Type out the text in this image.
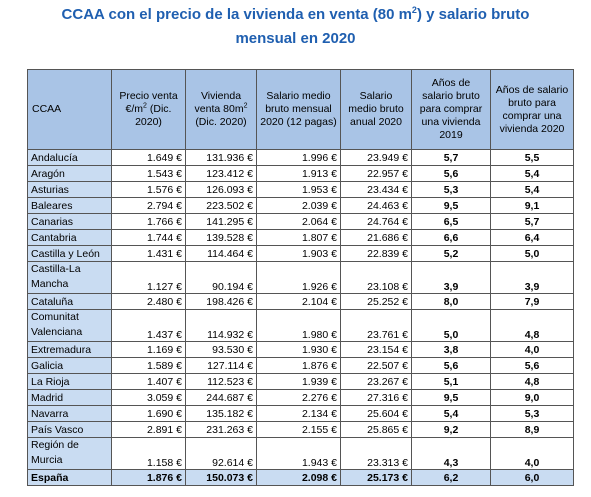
CCAA con el precio de la vivienda en venta (80 $m^2$) y salario bruto
mensual en 2020
CCAA	Precio venta $€/m^2$ (Dic. 2020)	Vivienda venta $80m^2$ (Dic. 2020)	Salario medio bruto mensual 2020 (12 pagas)	Salario medio bruto anual 2020	Años de salario bruto para comprar una vivienda 2019	Años de salario bruto para comprar una vivienda 2020
Andalucía	1.649 €	131.936 €	1.996 €	23.949 €	5,7	5,5
Aragón	1.543 €	123.412 €	1.913 €	22.957 €	5,6	5,4
Asturias	1.576 €	126.093 €	1.953 €	23.434 €	5,3	5,4
Baleares	2.794 €	223.502 €	2.039 €	24.463 €	9,5	9,1
Canarias	1.766 €	141.295 €	2.064 €	24.764 €	6,5	5,7
Cantabria	1.744 €	139.528 €	1.807 €	21.686 €	6,6	6,4
Castilla y León	1.431 €	114.464 €	1.903 €	22.839 €	5,2	5,0
Castilla-La Mancha	1.127 €	90.194 €	1.926 €	23.108 €	3,9	3,9
Cataluña	2.480 €	198.426 €	2.104 €	25.252 €	8,0	7,9
Comunitat Valenciana	1.437 €	114.932 €	1.980 €	23.761 €	5,0	4,8
Extremadura	1.169 €	93.530 €	1.930 €	23.154 €	3,8	4,0
Galicia	1.589 €	127.114 €	1.876 €	22.507 €	5,6	5,6
La Rioja	1.407 €	112.523 €	1.939 €	23.267 €	5,1	4,8
Madrid	3.059 €	244.687 €	2.276 €	27.316 €	9,5	9,0
Navarra	1.690 €	135.182 €	2.134 €	25.604 €	5,4	5,3
País Vasco	2.891 €	231.263 €	2.155 €	25.865 €	9,2	8,9
Región de Murcia	1.158 €	92.614 €	1.943 €	23.313 €	4,3	4,0
España	1.876 €	150.073 €	2.098 €	25.173 €	6,2	6,0
